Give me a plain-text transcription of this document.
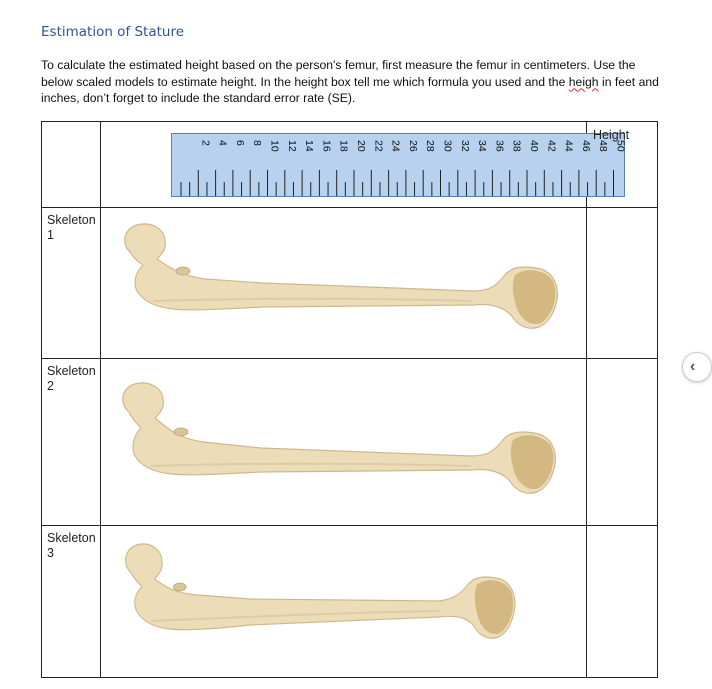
Estimation of Stature
To calculate the estimated height based on the person's femur, first measure the femur in centimeters. Use the below scaled models to estimate height. In the height box tell me which formula you used and the heigh in feet and inches, don’t forget to include the standard error rate (SE).
2 4 6 8 10 12 14 16 18 20 22 24 26 28 30 32 34 36 38 40 42 44 46 48 50
Height
Skeleton 1
Skeleton 2
Skeleton 3
‹
